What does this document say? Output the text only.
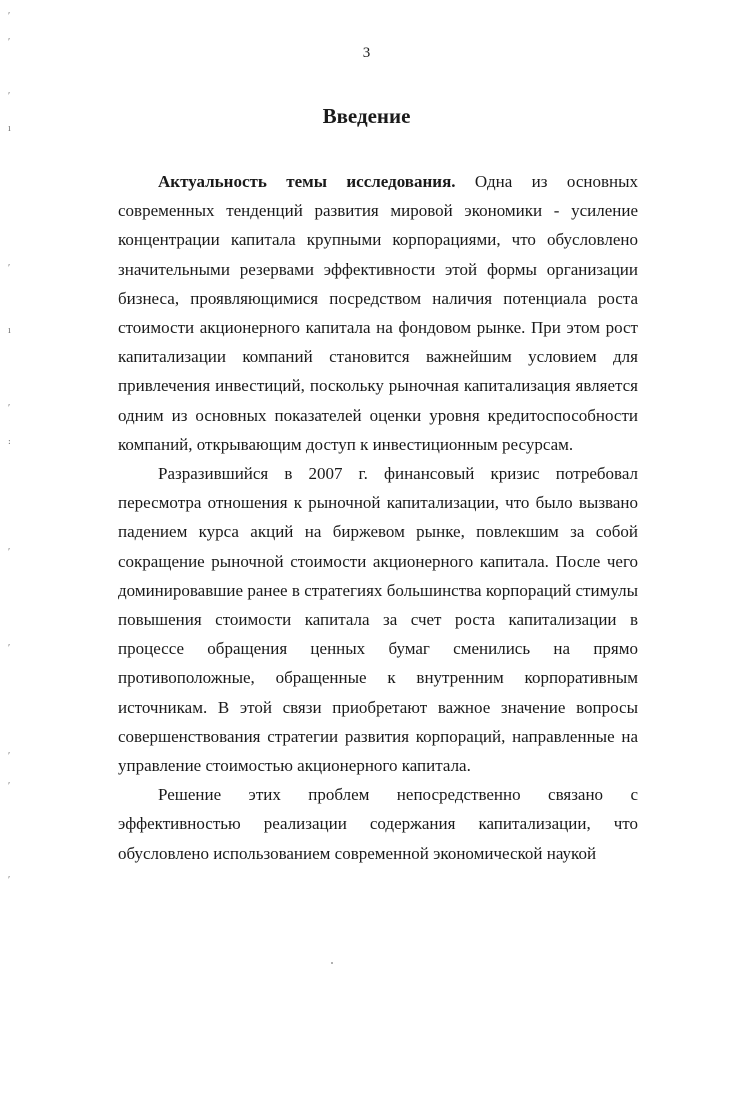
ʹ
ʹ
ʹ
ı
ʹ
ı
ʹ
꞉
ʹ
ʹ
ʹ
ʹ
ʹ
3
Введение

Актуальность темы исследования. Одна из основных современных тенденций развития мировой экономики - усиление концентрации капитала крупными корпорациями, что обусловлено значительными резервами эффективности этой формы организации бизнеса, проявляющимися посредством наличия потенциала роста стоимости акционерного капитала на фондовом рынке. При этом рост капитализации компаний становится важнейшим условием для привлечения инвестиций, поскольку рыночная капитализация является одним из основных показателей оценки уровня кредитоспособности компаний, открывающим доступ к инвестиционным ресурсам.

Разразившийся в 2007 г. финансовый кризис потребовал пересмотра отношения к рыночной капитализации, что было вызвано падением курса акций на биржевом рынке, повлекшим за собой сокращение рыночной стоимости акционерного капитала. После чего доминировавшие ранее в стратегиях большинства корпораций стимулы повышения стоимости капитала за счет роста капитализации в процессе обращения ценных бумаг сменились на прямо противоположные, обращенные к внутренним корпоративным источникам. В этой связи приобретают важное значение вопросы совершенствования стратегии развития корпораций, направленные на управление стоимостью акционерного капитала.

Решение этих проблем непосредственно связано с эффективностью реализации содержания капитализации, что обусловлено использованием современной экономической наукой
